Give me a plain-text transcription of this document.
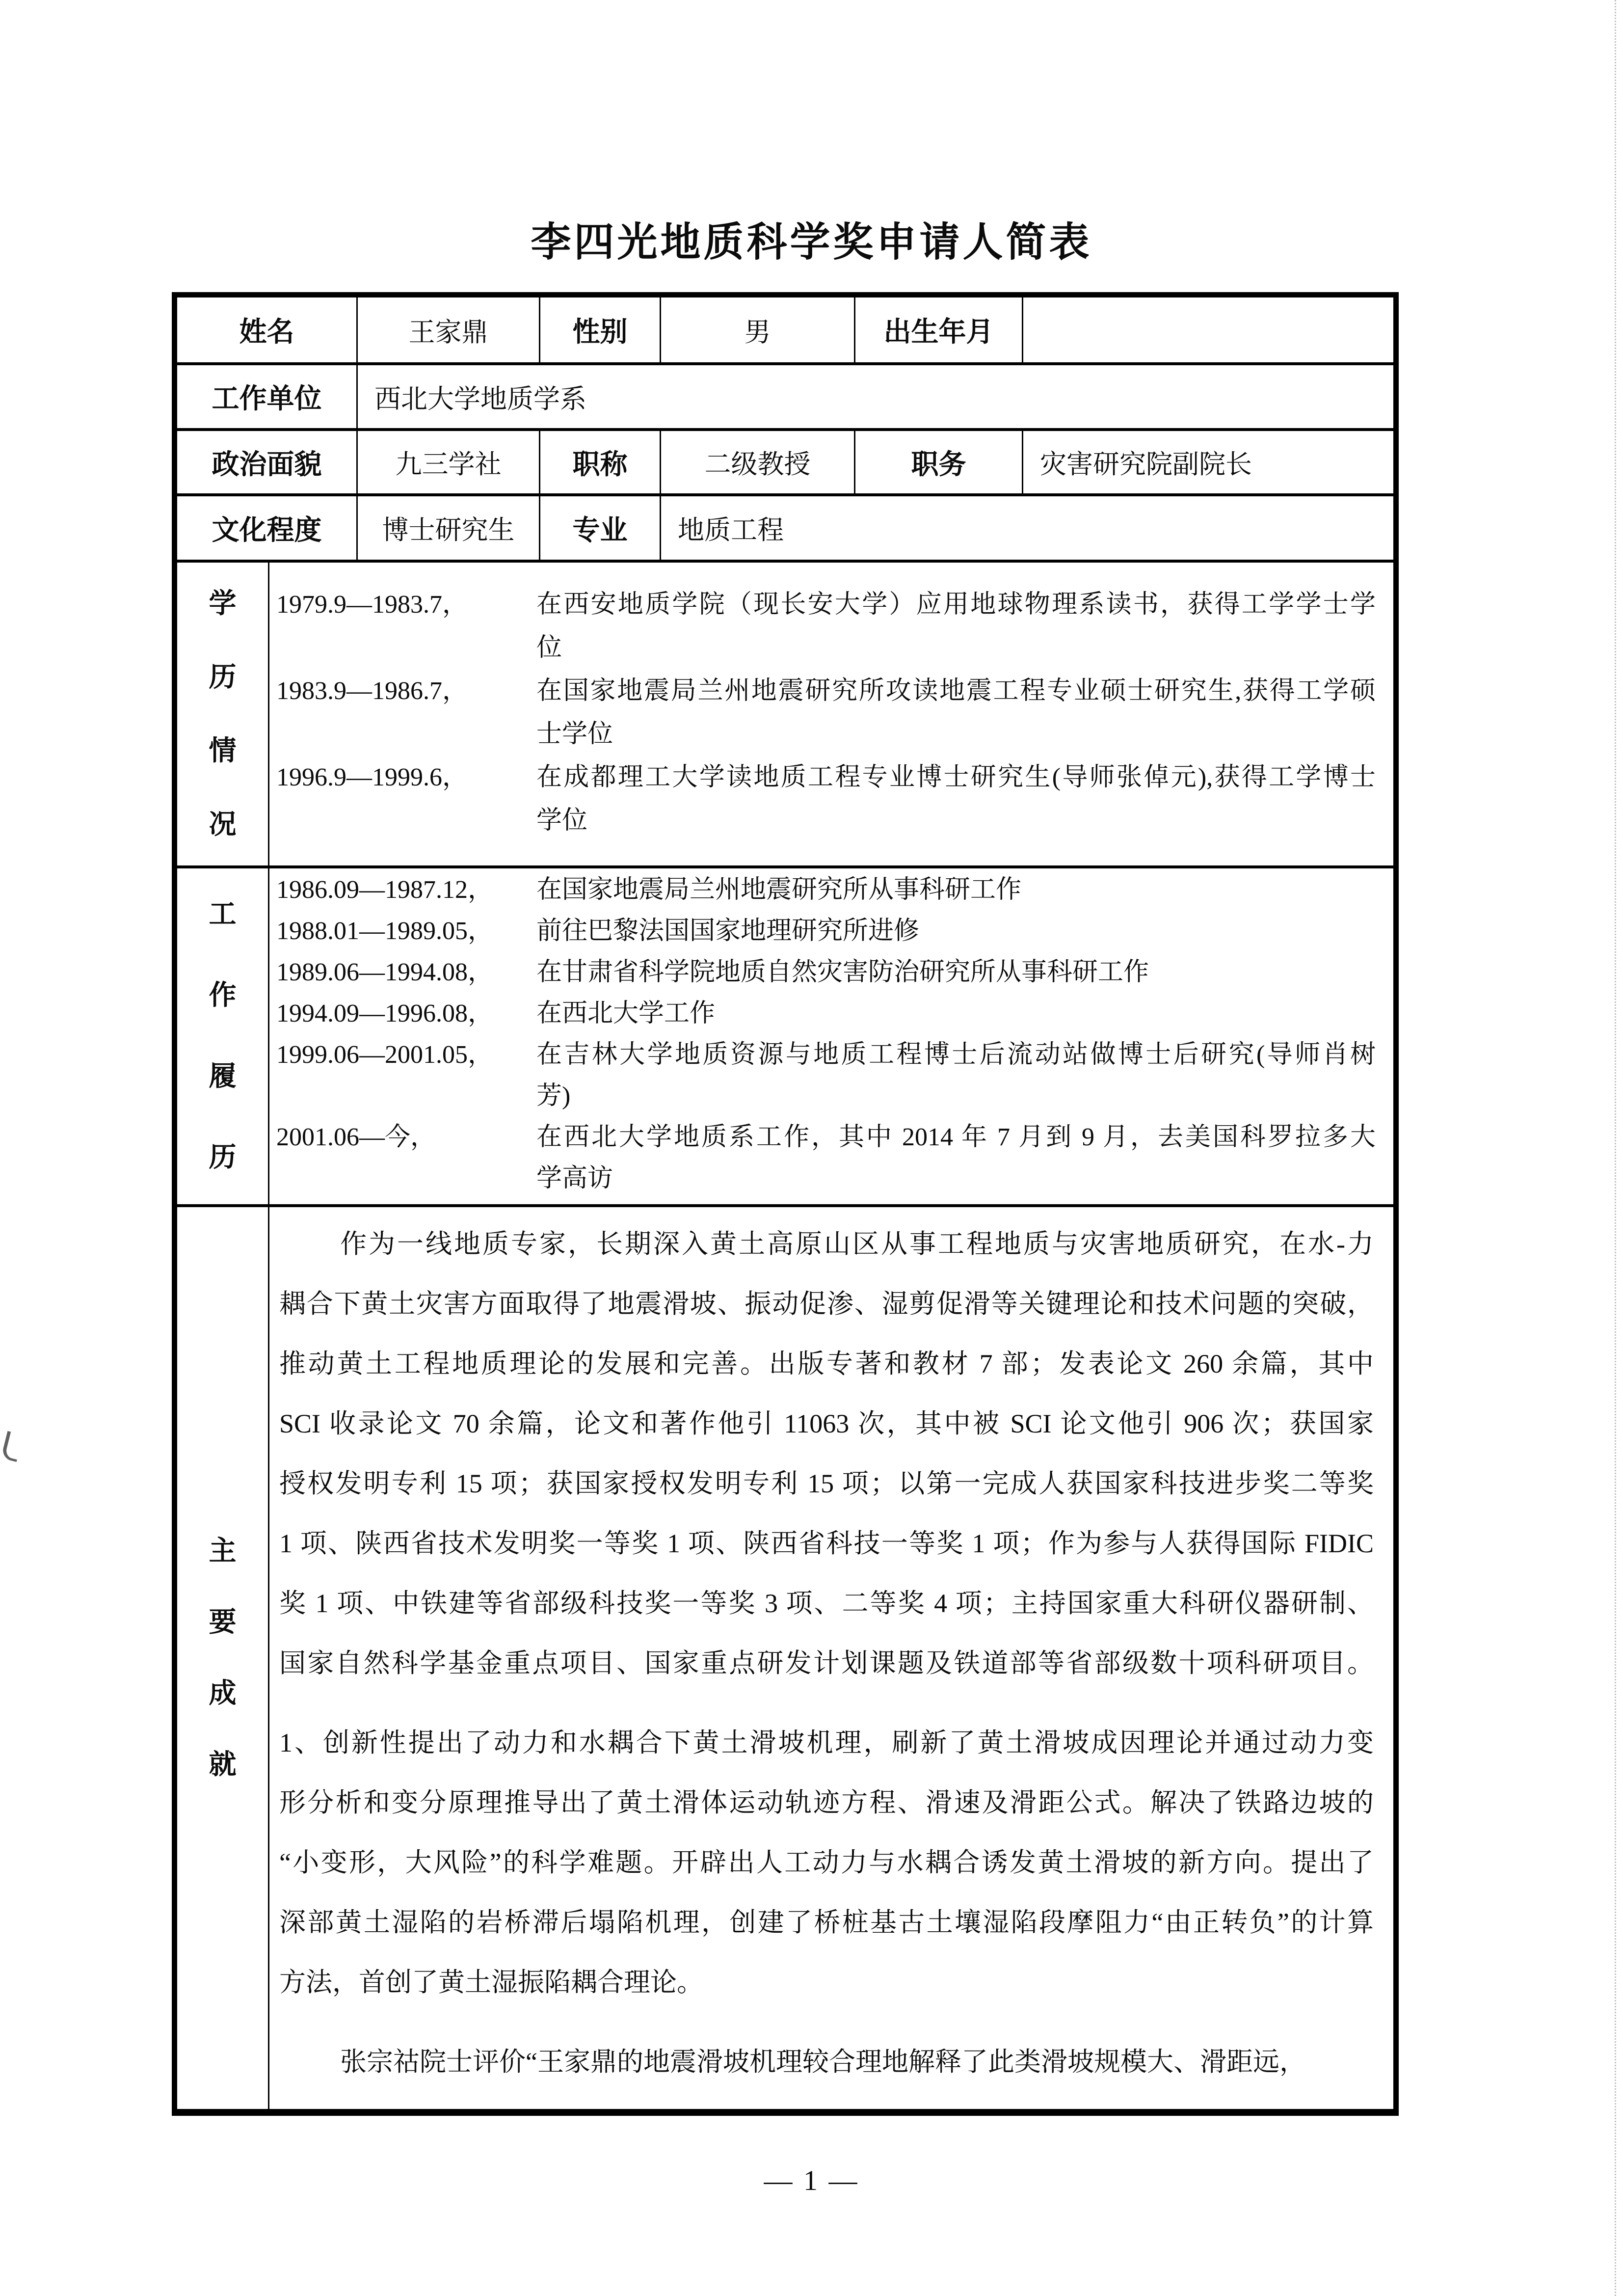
李四光地质科学奖申请人简表
姓名	王家鼎	性别	男	出生年月
工作单位 西北大学地质学系
政治面貌	九三学社	职称	二级教授	职务	灾害研究院副院长
文化程度 博士研究生 专业 地质工程
学历情况
1979.9—1983.7，	在西安地质学院（现长安大学）应用地球物理系读书，获得工学学士学
位
1983.9—1986.7，	在国家地震局兰州地震研究所攻读地震工程专业硕士研究生,获得工学硕
士学位
1996.9—1999.6，	在成都理工大学读地质工程专业博士研究生(导师张倬元),获得工学博士
学位
工作履历
1986.09—1987.12，	在国家地震局兰州地震研究所从事科研工作
1988.01—1989.05，	前往巴黎法国国家地理研究所进修
1989.06—1994.08，	在甘肃省科学院地质自然灾害防治研究所从事科研工作
1994.09—1996.08，	在西北大学工作
1999.06—2001.05，	在吉林大学地质资源与地质工程博士后流动站做博士后研究(导师肖树
芳)
2001.06—今，	在西北大学地质系工作，其中 2014 年 7 月到 9 月，去美国科罗拉多大
学高访
主要成就
作为一线地质专家，长期深入黄土高原山区从事工程地质与灾害地质研究，在水-力
耦合下黄土灾害方面取得了地震滑坡、振动促渗、湿剪促滑等关键理论和技术问题的突破，
推动黄土工程地质理论的发展和完善。出版专著和教材 7 部；发表论文 260 余篇，其中
SCI 收录论文 70 余篇，论文和著作他引 11063 次，其中被 SCI 论文他引 906 次；获国家
授权发明专利 15 项；获国家授权发明专利 15 项；以第一完成人获国家科技进步奖二等奖
1 项、陕西省技术发明奖一等奖 1 项、陕西省科技一等奖 1 项；作为参与人获得国际 FIDIC
奖 1 项、中铁建等省部级科技奖一等奖 3 项、二等奖 4 项；主持国家重大科研仪器研制、
国家自然科学基金重点项目、国家重点研发计划课题及铁道部等省部级数十项科研项目。
1、创新性提出了动力和水耦合下黄土滑坡机理，刷新了黄土滑坡成因理论并通过动力变
形分析和变分原理推导出了黄土滑体运动轨迹方程、滑速及滑距公式。解决了铁路边坡的
“小变形，大风险”的科学难题。开辟出人工动力与水耦合诱发黄土滑坡的新方向。提出了
深部黄土湿陷的岩桥滞后塌陷机理，创建了桥桩基古土壤湿陷段摩阻力“由正转负”的计算
方法，首创了黄土湿振陷耦合理论。
张宗祜院士评价“王家鼎的地震滑坡机理较合理地解释了此类滑坡规模大、滑距远，
— 1 —
